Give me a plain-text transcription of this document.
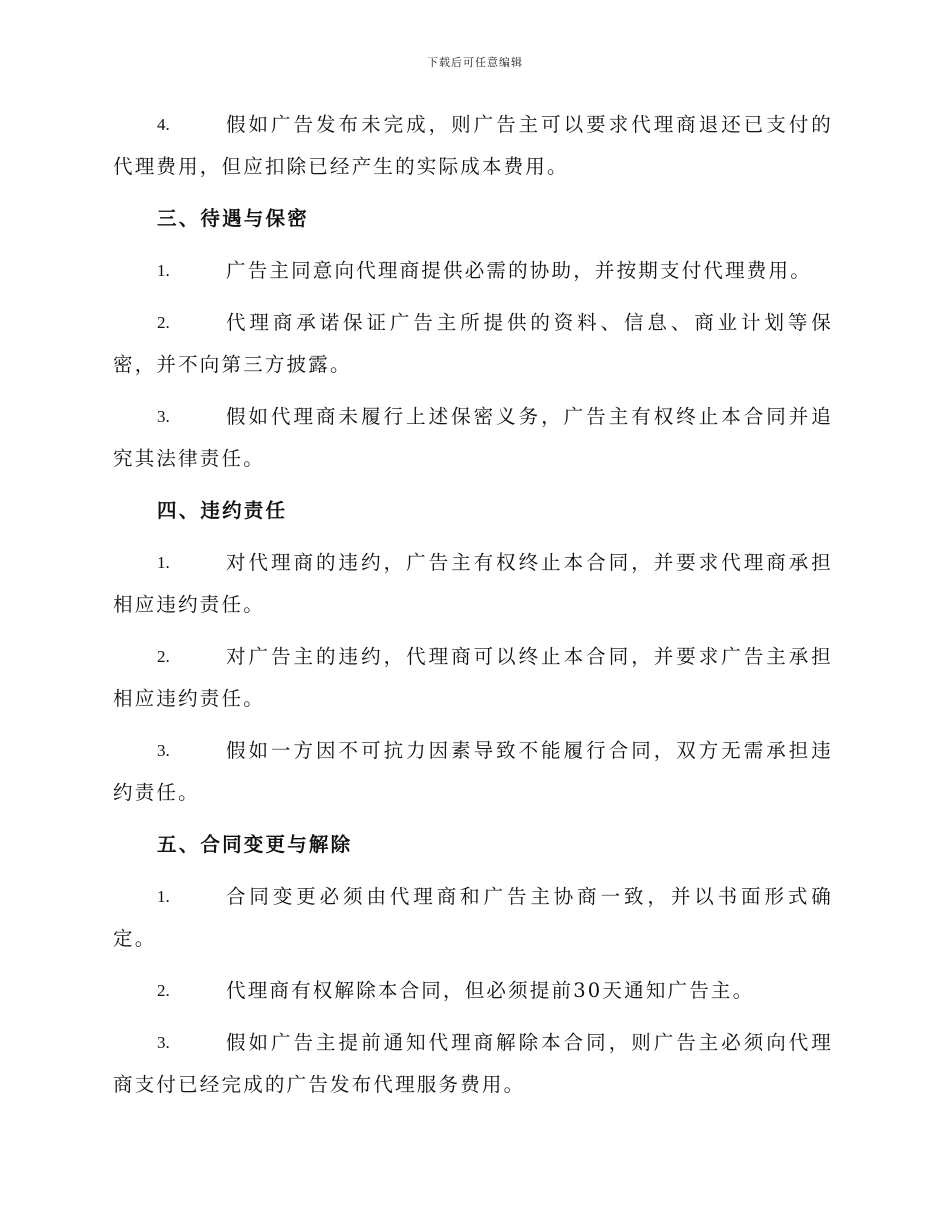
下载后可任意编辑
4.	假如广告发布未完成，则广告主可以要求代理商退还已支付的代理费用，但应扣除已经产生的实际成本费用。
三、待遇与保密
1.	广告主同意向代理商提供必需的协助，并按期支付代理费用。
2.	代理商承诺保证广告主所提供的资料、信息、商业计划等保密，并不向第三方披露。
3.	假如代理商未履行上述保密义务，广告主有权终止本合同并追究其法律责任。
四、违约责任
1.	对代理商的违约，广告主有权终止本合同，并要求代理商承担相应违约责任。
2.	对广告主的违约，代理商可以终止本合同，并要求广告主承担相应违约责任。
3.	假如一方因不可抗力因素导致不能履行合同，双方无需承担违约责任。
五、合同变更与解除
1.	合同变更必须由代理商和广告主协商一致，并以书面形式确定。
2.	代理商有权解除本合同，但必须提前30天通知广告主。
3.	假如广告主提前通知代理商解除本合同，则广告主必须向代理商支付已经完成的广告发布代理服务费用。
